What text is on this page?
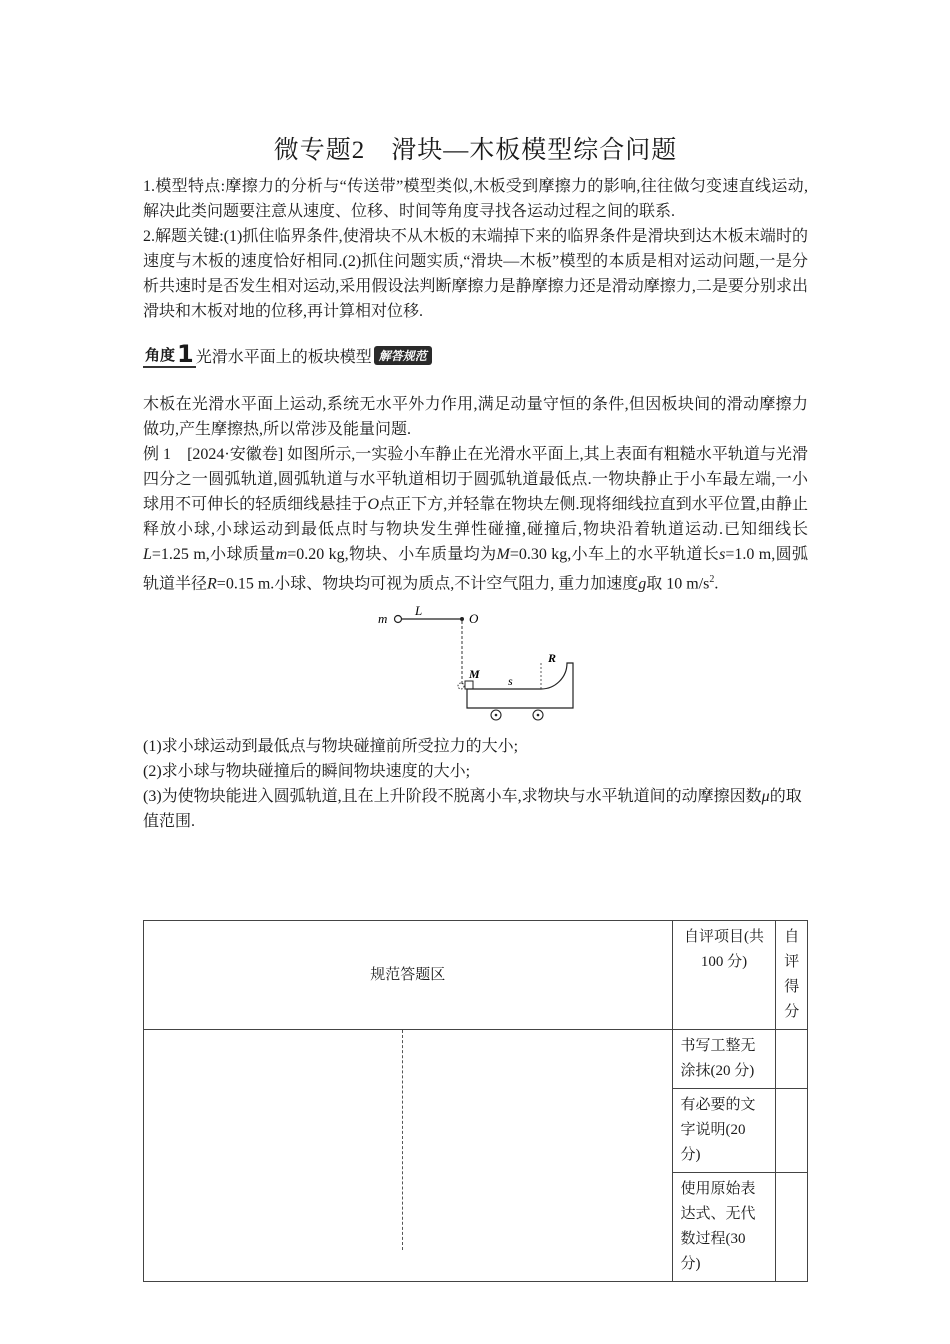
微专题2　滑块—木板模型综合问题

1.模型特点:摩擦力的分析与“传送带”模型类似,木板受到摩擦力的影响,往往做匀变速直线运动,解决此类问题要注意从速度、位移、时间等角度寻找各运动过程之间的联系.

2.解题关键:(1)抓住临界条件,使滑块不从木板的末端掉下来的临界条件是滑块到达木板末端时的速度与木板的速度恰好相同.(2)抓住问题实质,“滑块—木板”模型的本质是相对运动问题,一是分析共速时是否发生相对运动,采用假设法判断摩擦力是静摩擦力还是滑动摩擦力,二是要分别求出滑块和木板对地的位移,再计算相对位移.

角度 1 光滑水平面上的板块模型 解答规范

木板在光滑水平面上运动,系统无水平外力作用,满足动量守恒的条件,但因板块间的滑动摩擦力做功,产生摩擦热,所以常涉及能量问题.

例 1　 [2024·安徽卷] 如图所示,一实验小车静止在光滑水平面上,其上表面有粗糙水平轨道与光滑四分之一圆弧轨道,圆弧轨道与水平轨道相切于圆弧轨道最低点.一物块静止于小车最左端,一小球用不可伸长的轻质细线悬挂于O点正下方,并轻靠在物块左侧.现将细线拉直到水平位置,由静止释放小球,小球运动到最低点时与物块发生弹性碰撞,碰撞后,物块沿着轨道运动.已知细线长L=1.25 m,小球质量m=0.20 kg,物块、小车质量均为M=0.30 kg,小车上的水平轨道长s=1.0 m,圆弧轨道半径R=0.15 m.小球、物块均可视为质点,不计空气阻力, 重力加速度g取 10 $m/s^2$.

m
L
O
M s
R

(1)求小球运动到最低点与物块碰撞前所受拉力的大小;

(2)求小球与物块碰撞后的瞬间物块速度的大小;

(3)为使物块能进入圆弧轨道,且在上升阶段不脱离小车,求物块与水平轨道间的动摩擦因数μ的取值范围.

规范答题区	自评项目(共 100 分)	自评得分

	书写工整无涂抹(20 分)	
	有必要的文字说明(20 分)	
	使用原始表达式、无代数过程(30 分)	
